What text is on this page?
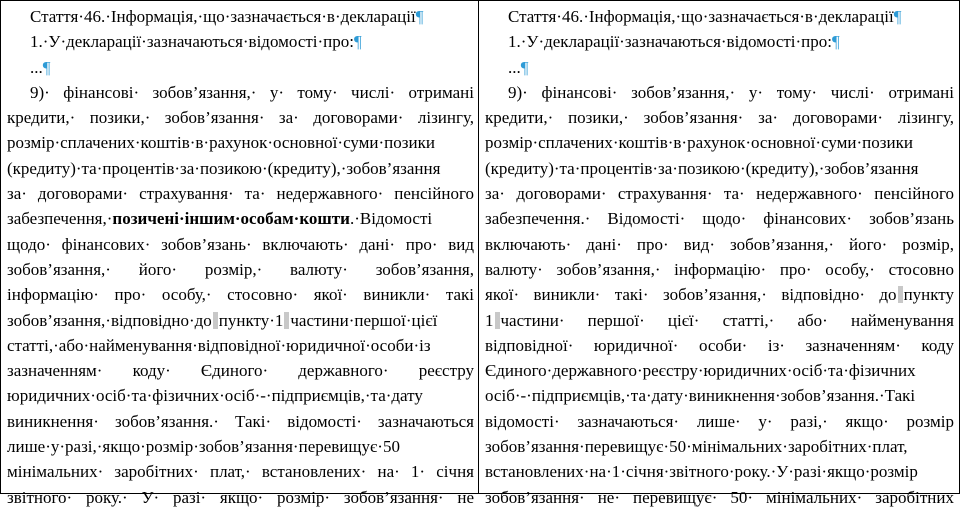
Стаття·46.·Інформація,·що·зазначається·в·декларації¶
1.·У·декларації·зазначаються·відомості·про:¶
...¶
9)· фінансові· зобов’язання,· у· тому· числі· отримані
кредити,· позики,· зобов’язання· за· договорами· лізингу,
розмір·сплачених·коштів·в·рахунок·основної·суми·позики
(кредиту)·та·процентів·за·позикою·(кредиту),·зобов’язання
за· договорами· страхування· та· недержавного· пенсійного
забезпечення,·позичені·іншим·особам·кошти.·Відомості
щодо· фінансових· зобов’язань· включають· дані· про· вид
зобов’язання,·  його·  розмір,·  валюту·  зобов’язання,
інформацію· про· особу,· стосовно· якої· виникли· такі
зобов’язання,·відповідно·до пункту·1 частини·першої·цієї
статті,·або·найменування·відповідної·юридичної·особи·із
зазначенням·  коду·  Єдиного·  державного·  реєстру
юридичних·осіб·та·фізичних·осіб·-·підприємців,·та·дату
виникнення· зобов’язання.· Такі· відомості· зазначаються
лише·у·разі,·якщо·розмір·зобов’язання·перевищує·50
мінімальних· заробітних· плат,· встановлених· на· 1· січня
звітного· року.· У· разі· якщо· розмір· зобов’язання· не
Стаття·46.·Інформація,·що·зазначається·в·декларації¶
1.·У·декларації·зазначаються·відомості·про:¶
...¶
9)· фінансові· зобов’язання,· у· тому· числі· отримані
кредити,· позики,· зобов’язання· за· договорами· лізингу,
розмір·сплачених·коштів·в·рахунок·основної·суми·позики
(кредиту)·та·процентів·за·позикою·(кредиту),·зобов’язання
за· договорами· страхування· та· недержавного· пенсійного
забезпечення.· Відомості· щодо· фінансових· зобов’язань
включають· дані· про· вид· зобов’язання,· його· розмір,
валюту· зобов’язання,· інформацію· про· особу,· стосовно
якої· виникли· такі· зобов’язання,· відповідно· до пункту
1 частини· першої· цієї· статті,· або· найменування
відповідної· юридичної· особи· із· зазначенням· коду
Єдиного·державного·реєстру·юридичних·осіб·та·фізичних
осіб·-·підприємців,·та·дату·виникнення·зобов’язання.·Такі
відомості· зазначаються· лише· у· разі,· якщо· розмір
зобов’язання·перевищує·50·мінімальних·заробітних·плат,
встановлених·на·1·січня·звітного·року.·У·разі·якщо·розмір
зобов’язання· не· перевищує· 50· мінімальних· заробітних
